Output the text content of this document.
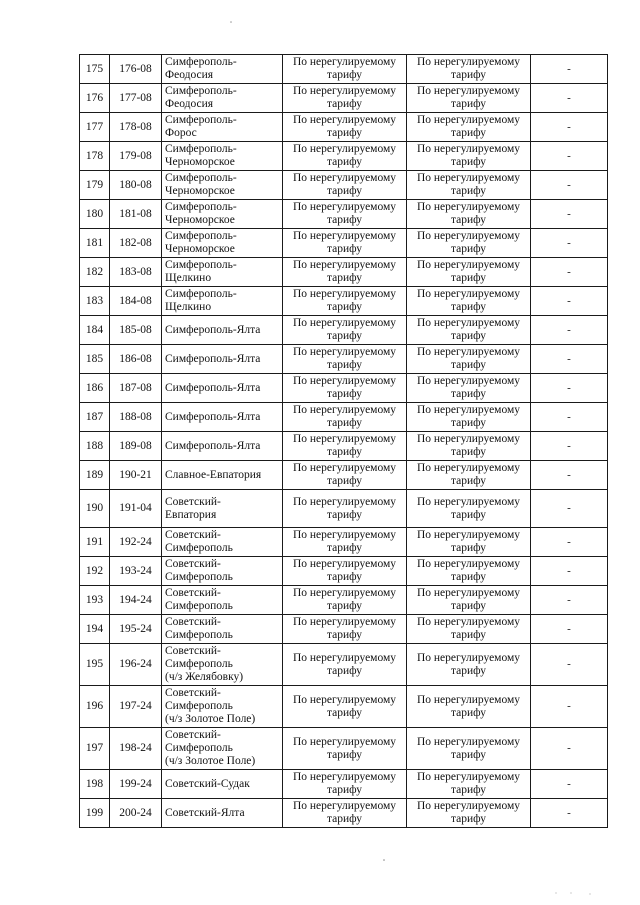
175	176-08	Симферополь-
Феодосия	По нерегулируемому тарифу	По нерегулируемому тарифу	-
176	177-08	Симферополь-
Феодосия	По нерегулируемому тарифу	По нерегулируемому тарифу	-
177	178-08	Симферополь-
Форос	По нерегулируемому тарифу	По нерегулируемому тарифу	-
178	179-08	Симферополь-
Черноморское	По нерегулируемому тарифу	По нерегулируемому тарифу	-
179	180-08	Симферополь-
Черноморское	По нерегулируемому тарифу	По нерегулируемому тарифу	-
180	181-08	Симферополь-
Черноморское	По нерегулируемому тарифу	По нерегулируемому тарифу	-
181	182-08	Симферополь-
Черноморское	По нерегулируемому тарифу	По нерегулируемому тарифу	-
182	183-08	Симферополь-
Щелкино	По нерегулируемому тарифу	По нерегулируемому тарифу	-
183	184-08	Симферополь-
Щелкино	По нерегулируемому тарифу	По нерегулируемому тарифу	-
184	185-08	Симферополь-Ялта	По нерегулируемому тарифу	По нерегулируемому тарифу	-
185	186-08	Симферополь-Ялта	По нерегулируемому тарифу	По нерегулируемому тарифу	-
186	187-08	Симферополь-Ялта	По нерегулируемому тарифу	По нерегулируемому тарифу	-
187	188-08	Симферополь-Ялта	По нерегулируемому тарифу	По нерегулируемому тарифу	-
188	189-08	Симферополь-Ялта	По нерегулируемому тарифу	По нерегулируемому тарифу	-
189	190-21	Славное-Евпатория	По нерегулируемому тарифу	По нерегулируемому тарифу	-
190	191-04	Советский-
Евпатория	По нерегулируемому тарифу	По нерегулируемому тарифу	-
191	192-24	Советский-
Симферополь	По нерегулируемому тарифу	По нерегулируемому тарифу	-
192	193-24	Советский-
Симферополь	По нерегулируемому тарифу	По нерегулируемому тарифу	-
193	194-24	Советский-
Симферополь	По нерегулируемому тарифу	По нерегулируемому тарифу	-
194	195-24	Советский-
Симферополь	По нерегулируемому тарифу	По нерегулируемому тарифу	-
195	196-24	Советский-
Симферополь
(ч/з Желябовку)	По нерегулируемому тарифу	По нерегулируемому тарифу	-
196	197-24	Советский-
Симферополь
(ч/з Золотое Поле)	По нерегулируемому тарифу	По нерегулируемому тарифу	-
197	198-24	Советский-
Симферополь
(ч/з Золотое Поле)	По нерегулируемому тарифу	По нерегулируемому тарифу	-
198	199-24	Советский-Судак	По нерегулируемому тарифу	По нерегулируемому тарифу	-
199	200-24	Советский-Ялта	По нерегулируемому тарифу	По нерегулируемому тарифу	-
